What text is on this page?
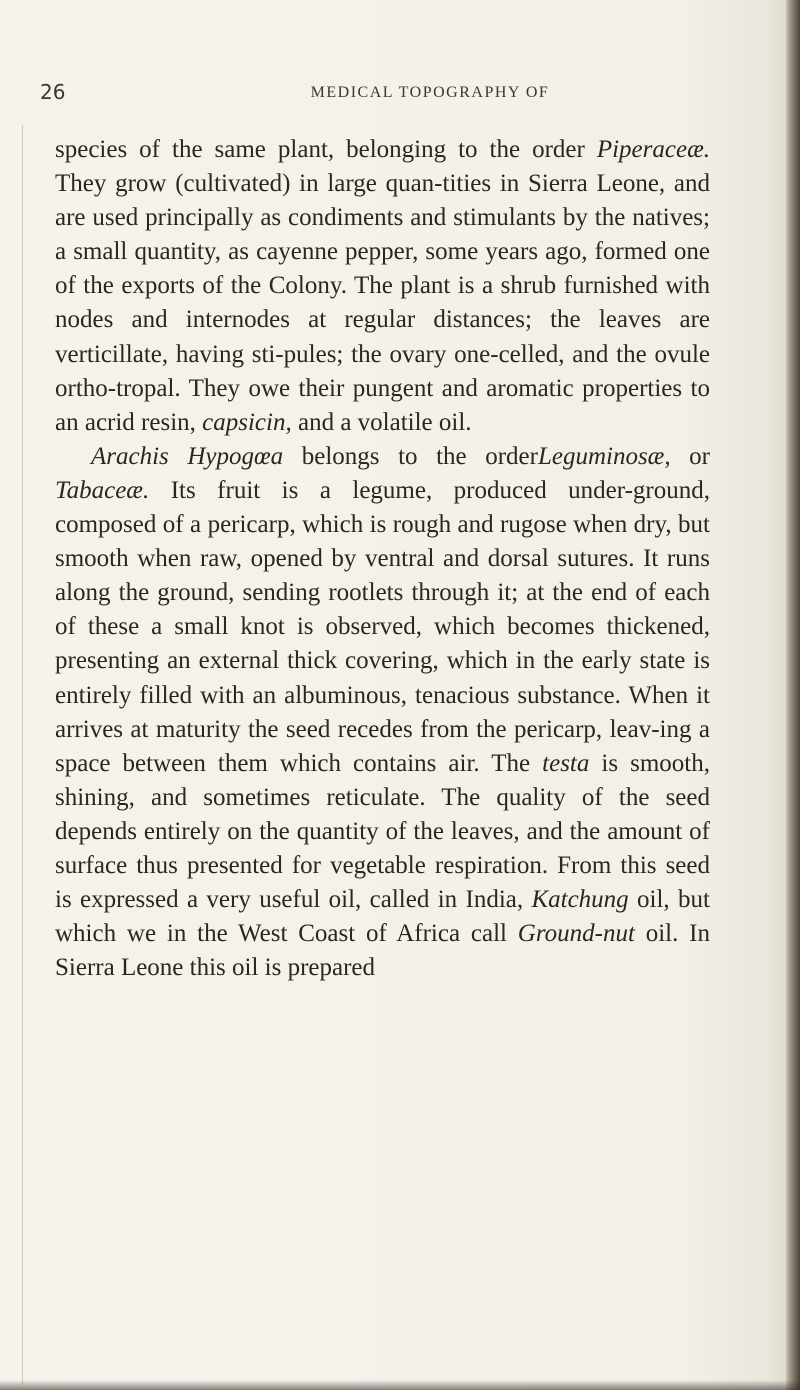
26	MEDICAL TOPOGRAPHY OF

species of the same plant, belonging to the order Piperaceæ. They grow (cultivated) in large quan-tities in Sierra Leone, and are used principally as condiments and stimulants by the natives; a small quantity, as cayenne pepper, some years ago, formed one of the exports of the Colony. The plant is a shrub furnished with nodes and internodes at regular distances; the leaves are verticillate, having sti-pules; the ovary one-celled, and the ovule ortho-tropal. They owe their pungent and aromatic properties to an acrid resin, capsicin, and a volatile oil.

Arachis Hypogœa belongs to the orderLeguminosæ, or Tabaceæ. Its fruit is a legume, produced under-ground, composed of a pericarp, which is rough and rugose when dry, but smooth when raw, opened by ventral and dorsal sutures. It runs along the ground, sending rootlets through it; at the end of each of these a small knot is observed, which becomes thickened, presenting an external thick covering, which in the early state is entirely filled with an albuminous, tenacious substance. When it arrives at maturity the seed recedes from the pericarp, leav-ing a space between them which contains air. The testa is smooth, shining, and sometimes reticulate. The quality of the seed depends entirely on the quantity of the leaves, and the amount of surface thus presented for vegetable respiration. From this seed is expressed a very useful oil, called in India, Katchung oil, but which we in the West Coast of Africa call Ground-nut oil. In Sierra Leone this oil is prepared
